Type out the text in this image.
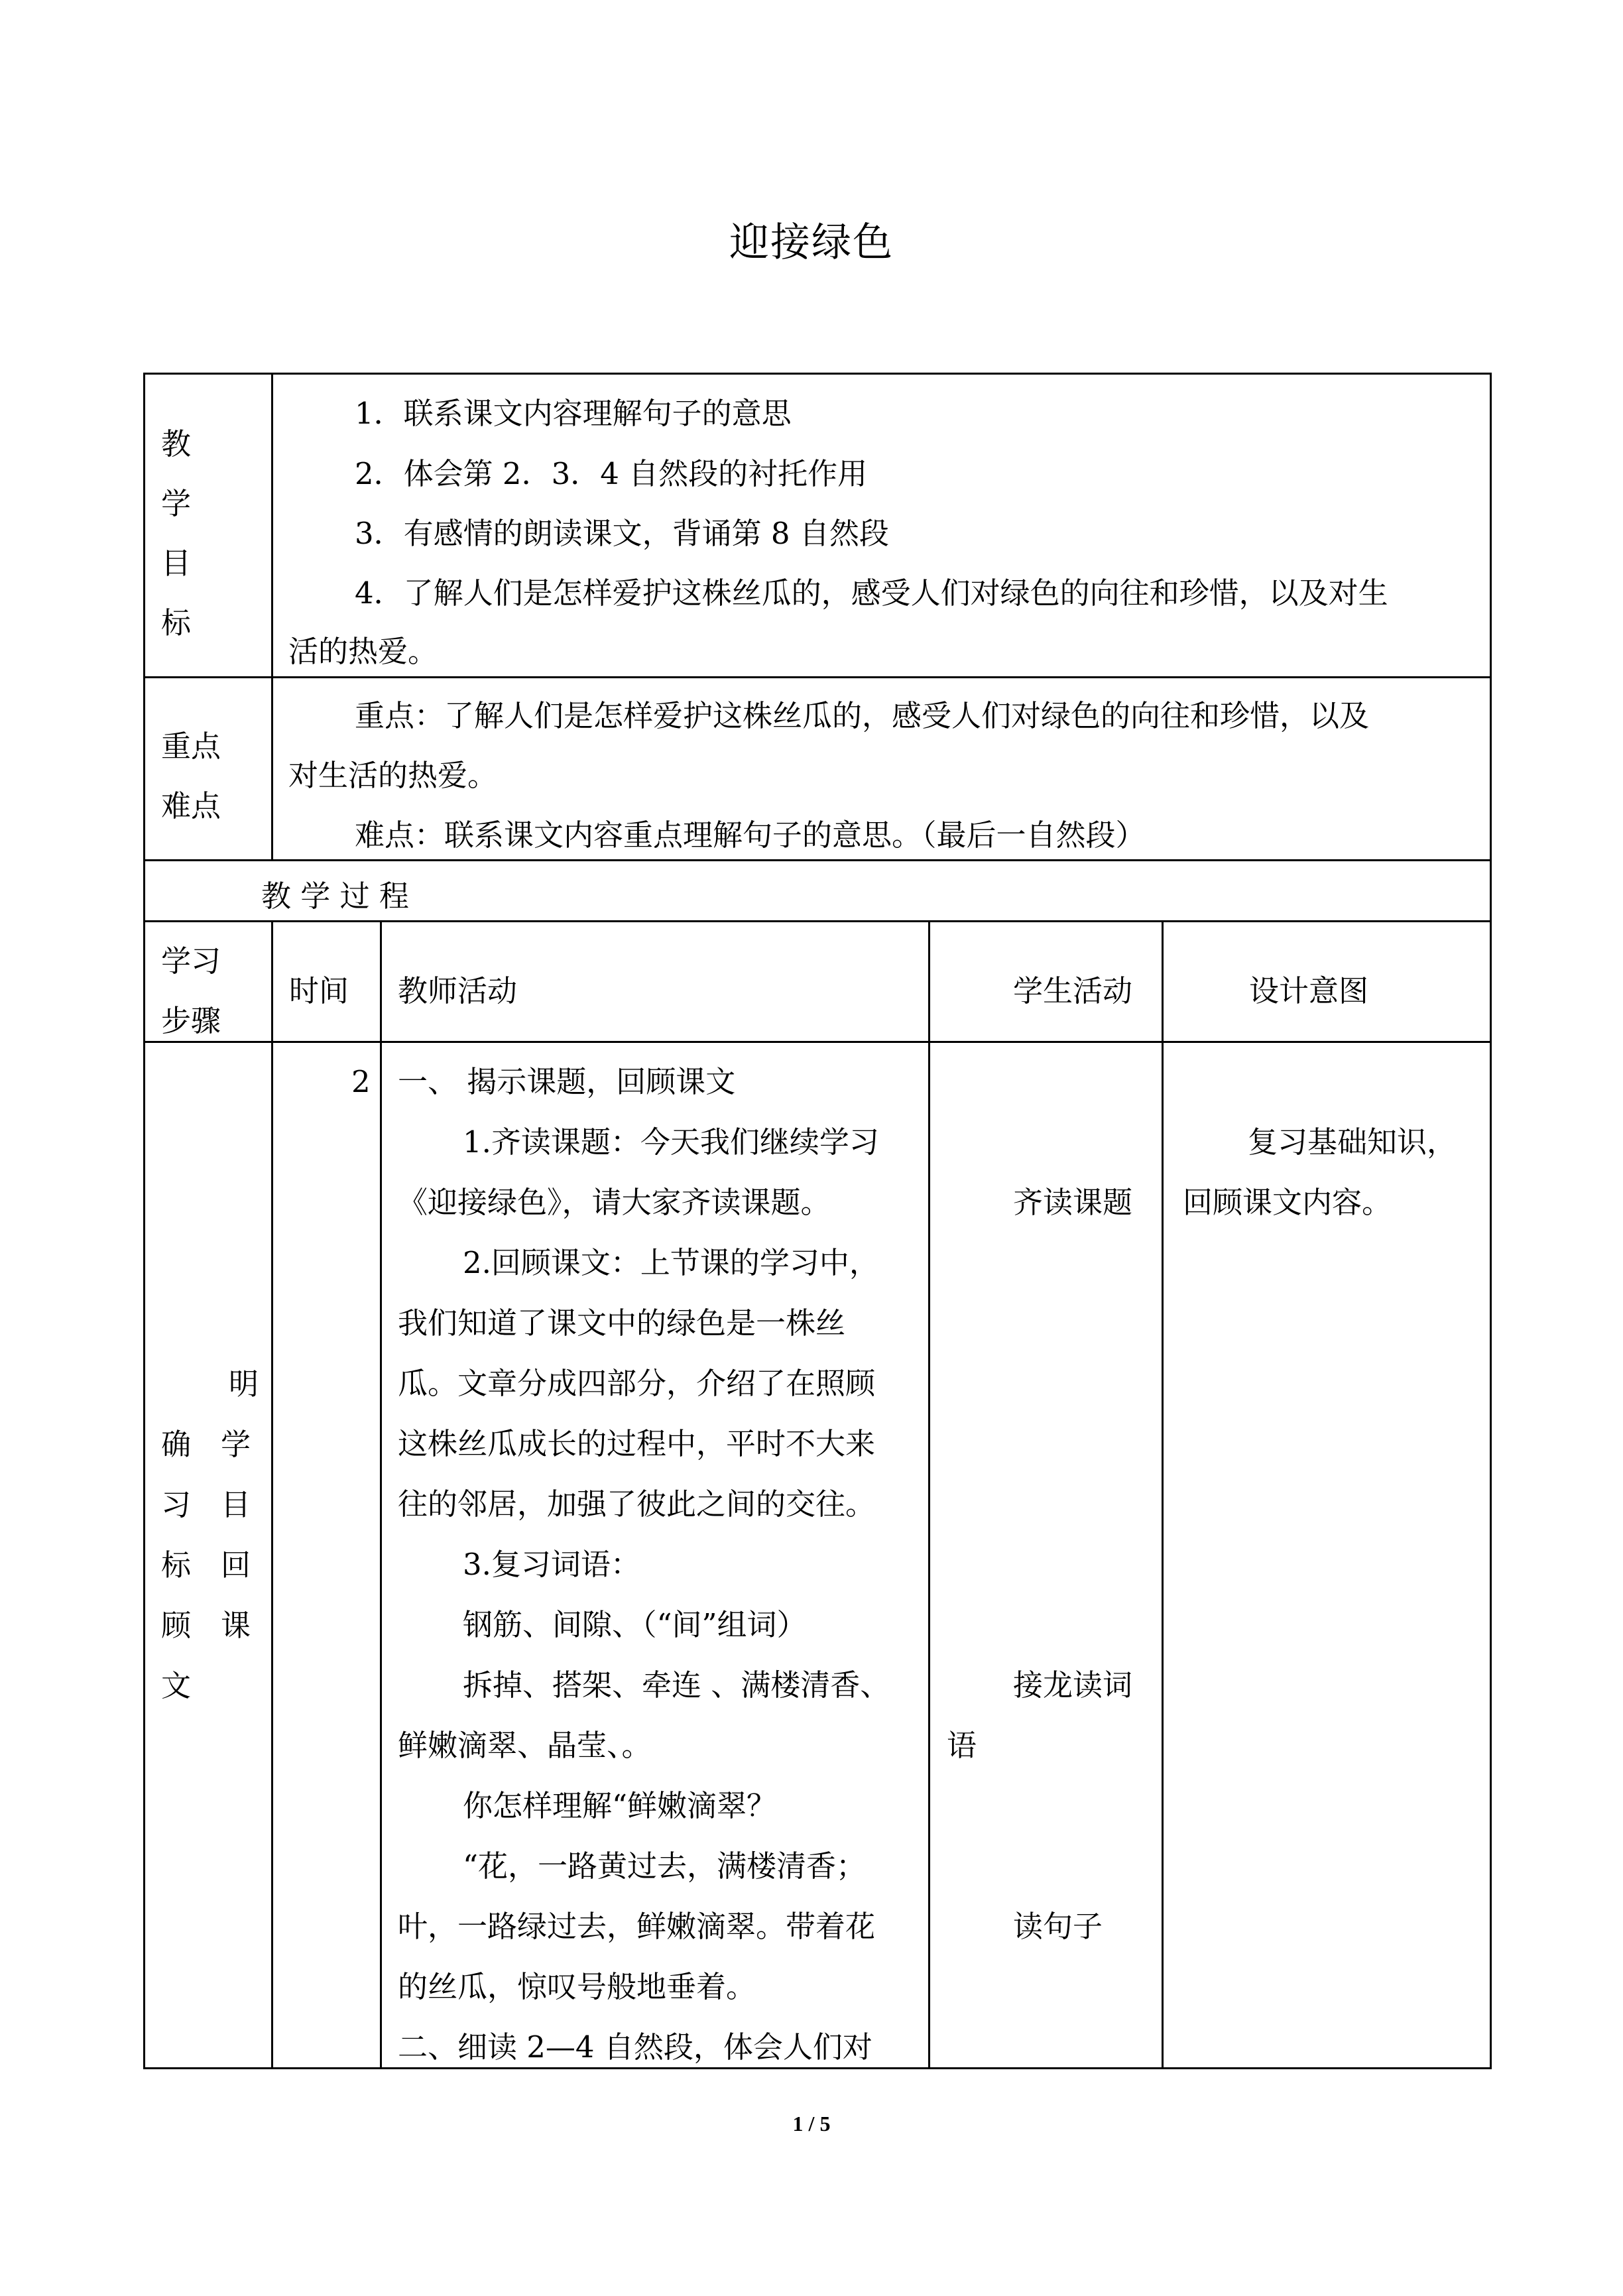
迎接绿色
教
学
目
标
1．联系课文内容理解句子的意思
2．体会第 2．3．4 自然段的衬托作用
3．有感情的朗读课文，背诵第 8 自然段
4．了解人们是怎样爱护这株丝瓜的，感受人们对绿色的向往和珍惜，以及对生
活的热爱。
重点
难点
重点：了解人们是怎样爱护这株丝瓜的，感受人们对绿色的向往和珍惜，以及
对生活的热爱。
难点：联系课文内容重点理解句子的意思。（最后一自然段）
教 学 过 程
学习
步骤
时间 教师活动	学生活动	设计意图
明
确　学
习　目
标　回
顾　课
文
2 一、 揭示课题，回顾课文
1.齐读课题：今天我们继续学习
《迎接绿色》，请大家齐读课题。
2.回顾课文：上节课的学习中，
我们知道了课文中的绿色是一株丝
瓜。文章分成四部分，介绍了在照顾
这株丝瓜成长的过程中，平时不大来
往的邻居，加强了彼此之间的交往。
3.复习词语：
钢筋、间隙、（“间”组词）
拆掉、搭架、牵连 、满楼清香、
鲜嫩滴翠、晶莹、。
你怎样理解“鲜嫩滴翠？
“花，一路黄过去，满楼清香；
叶，一路绿过去，鲜嫩滴翠。带着花
的丝瓜，惊叹号般地垂着。
二、细读 2—4 自然段，体会人们对
齐读课题
接龙读词
语
读句子
复习基础知识，
回顾课文内容。
1 / 5
